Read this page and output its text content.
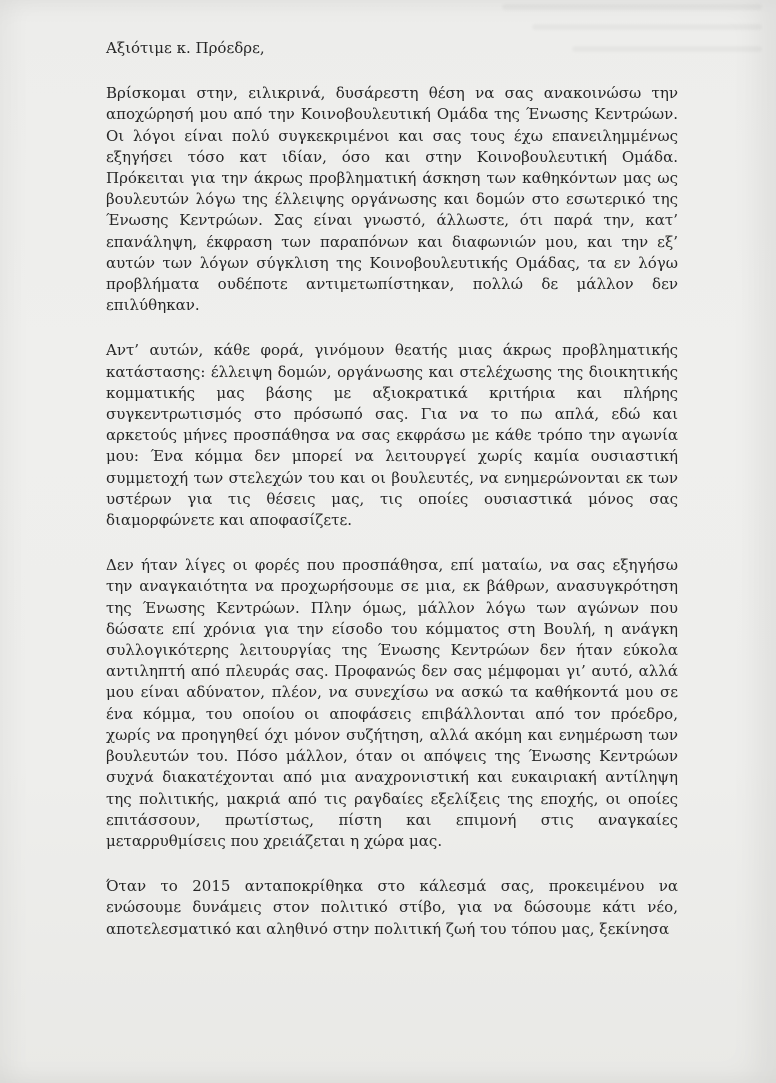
Αξιότιμε κ. Πρόεδρε,

Βρίσκομαι στην, ειλικρινά, δυσάρεστη θέση να σας ανακοινώσω την αποχώρησή μου από την Κοινοβουλευτική Ομάδα της Ένωσης Κεντρώων. Οι λόγοι είναι πολύ συγκεκριμένοι και σας τους έχω επανειλημμένως εξηγήσει τόσο κατ ιδίαν, όσο και στην Κοινοβουλευτική Ομάδα. Πρόκειται για την άκρως προβληματική άσκηση των καθηκόντων μας ως βουλευτών λόγω της έλλειψης οργάνωσης και δομών στο εσωτερικό της Ένωσης Κεντρώων. Σας είναι γνωστό, άλλωστε, ότι παρά την, κατ’ επανάληψη, έκφραση των παραπόνων και διαφωνιών μου, και την εξ’ αυτών των λόγων σύγκλιση της Κοινοβουλευτικής Ομάδας, τα εν λόγω προβλήματα ουδέποτε αντιμετωπίστηκαν, πολλώ δε μάλλον δεν επιλύθηκαν.

Αντ’ αυτών, κάθε φορά, γινόμουν θεατής μιας άκρως προβληματικής κατάστασης: έλλειψη δομών, οργάνωσης και στελέχωσης της διοικητικής κομματικής μας βάσης με αξιοκρατικά κριτήρια και πλήρης συγκεντρωτισμός στο πρόσωπό σας. Για να το πω απλά, εδώ και αρκετούς μήνες προσπάθησα να σας εκφράσω με κάθε τρόπο την αγωνία μου: Ένα κόμμα δεν μπορεί να λειτουργεί χωρίς καμία ουσιαστική συμμετοχή των στελεχών του και οι βουλευτές, να ενημερώνονται εκ των υστέρων για τις θέσεις μας, τις οποίες ουσιαστικά μόνος σας διαμορφώνετε και αποφασίζετε.

Δεν ήταν λίγες οι φορές που προσπάθησα, επί ματαίω, να σας εξηγήσω την αναγκαιότητα να προχωρήσουμε σε μια, εκ βάθρων, ανασυγκρότηση της Ένωσης Κεντρώων. Πλην όμως, μάλλον λόγω των αγώνων που δώσατε επί χρόνια για την είσοδο του κόμματος στη Βουλή, η ανάγκη συλλογικότερης λειτουργίας της Ένωσης Κεντρώων δεν ήταν εύκολα αντιληπτή από πλευράς σας. Προφανώς δεν σας μέμφομαι γι’ αυτό, αλλά μου είναι αδύνατον, πλέον, να συνεχίσω να ασκώ τα καθήκοντά μου σε ένα κόμμα, του οποίου οι αποφάσεις επιβάλλονται από τον πρόεδρο, χωρίς να προηγηθεί όχι μόνον συζήτηση, αλλά ακόμη και ενημέρωση των βουλευτών του. Πόσο μάλλον, όταν οι απόψεις της Ένωσης Κεντρώων συχνά διακατέχονται από μια αναχρονιστική και ευκαιριακή αντίληψη της πολιτικής, μακριά από τις ραγδαίες εξελίξεις της εποχής, οι οποίες επιτάσσουν, πρωτίστως, πίστη και επιμονή στις αναγκαίες μεταρρυθμίσεις που χρειάζεται η χώρα μας.

Όταν το 2015 ανταποκρίθηκα στο κάλεσμά σας, προκειμένου να ενώσουμε δυνάμεις στον πολιτικό στίβο, για να δώσουμε κάτι νέο, αποτελεσματικό και αληθινό στην πολιτική ζωή του τόπου μας, ξεκίνησα
